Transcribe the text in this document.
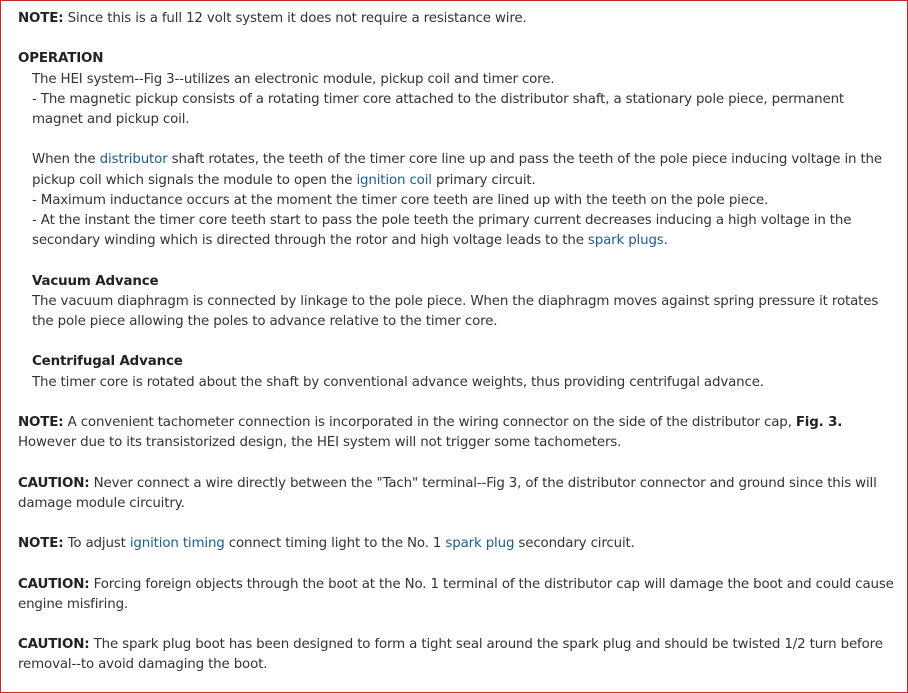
NOTE: Since this is a full 12 volt system it does not require a resistance wire.

OPERATION

The HEI system--Fig 3--utilizes an electronic module, pickup coil and timer core.

- The magnetic pickup consists of a rotating timer core attached to the distributor shaft, a stationary pole piece, permanent magnet and pickup coil.

When the distributor shaft rotates, the teeth of the timer core line up and pass the teeth of the pole piece inducing voltage in the pickup coil which signals the module to open the ignition coil primary circuit.

- Maximum inductance occurs at the moment the timer core teeth are lined up with the teeth on the pole piece.

- At the instant the timer core teeth start to pass the pole teeth the primary current decreases inducing a high voltage in the secondary winding which is directed through the rotor and high voltage leads to the spark plugs.

Vacuum Advance

The vacuum diaphragm is connected by linkage to the pole piece. When the diaphragm moves against spring pressure it rotates the pole piece allowing the poles to advance relative to the timer core.

Centrifugal Advance

The timer core is rotated about the shaft by conventional advance weights, thus providing centrifugal advance.

NOTE: A convenient tachometer connection is incorporated in the wiring connector on the side of the distributor cap, Fig. 3. However due to its transistorized design, the HEI system will not trigger some tachometers.

CAUTION: Never connect a wire directly between the "Tach" terminal--Fig 3, of the distributor connector and ground since this will damage module circuitry.

NOTE: To adjust ignition timing connect timing light to the No. 1 spark plug secondary circuit.

CAUTION: Forcing foreign objects through the boot at the No. 1 terminal of the distributor cap will damage the boot and could cause engine misfiring.

CAUTION: The spark plug boot has been designed to form a tight seal around the spark plug and should be twisted 1/2 turn before removal--to avoid damaging the boot.
